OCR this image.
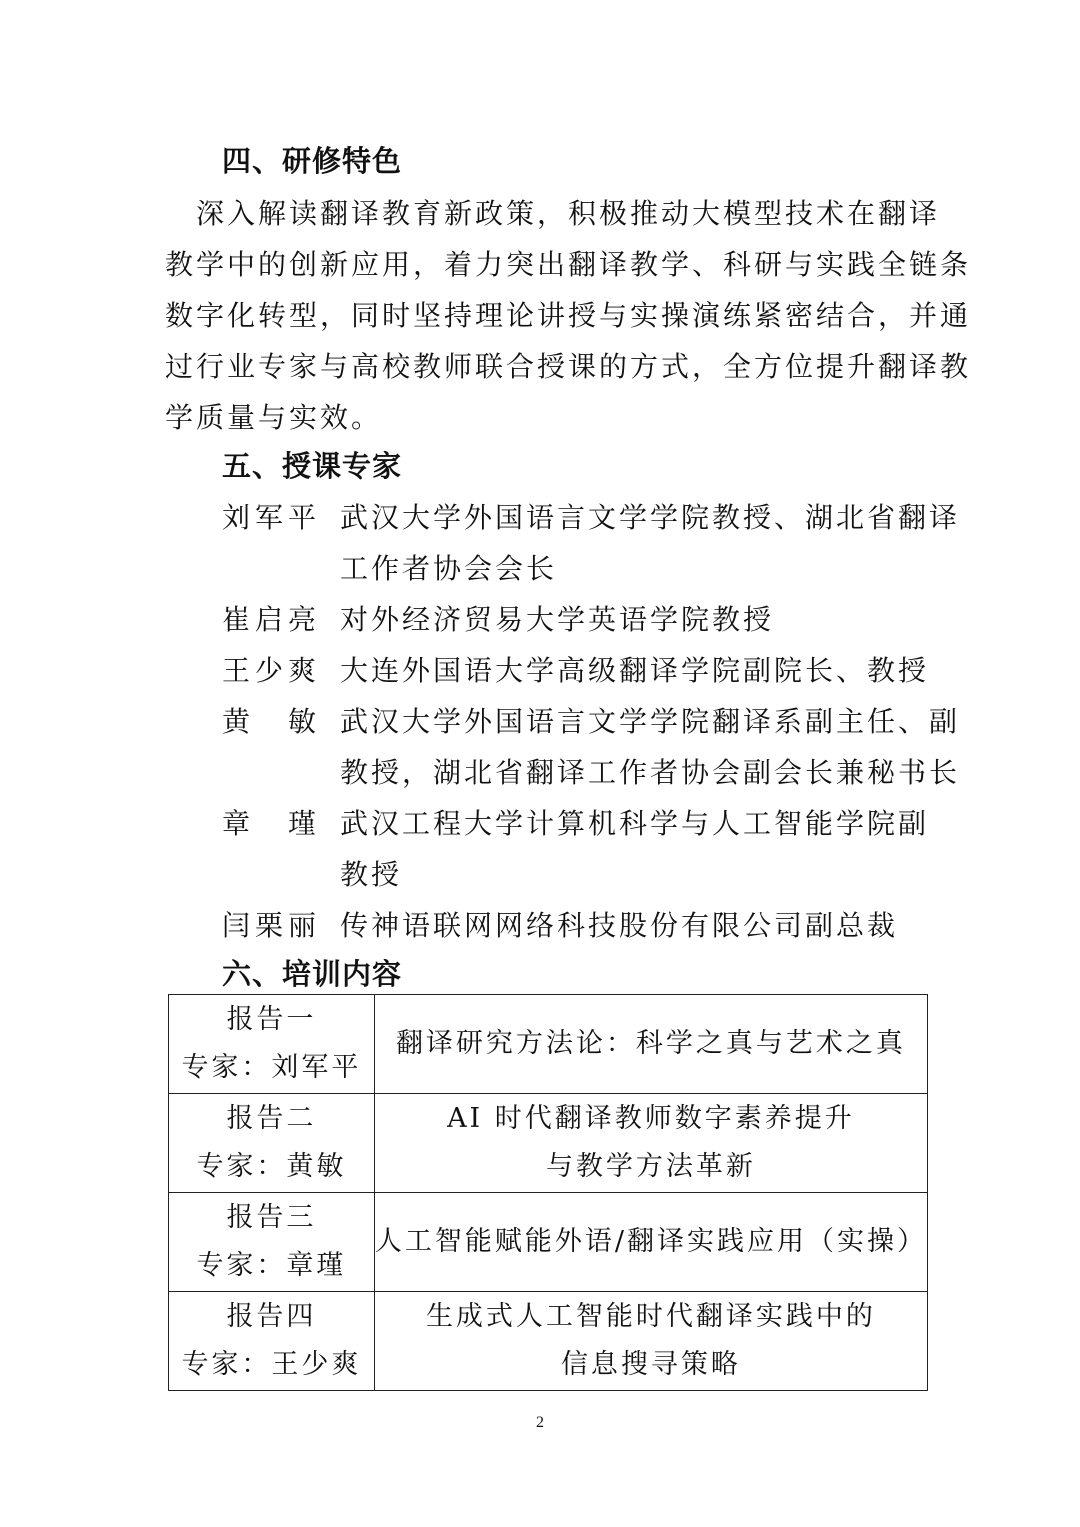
四、研修特色
　深入解读翻译教育新政策，积极推动大模型技术在翻译
教学中的创新应用，着力突出翻译教学、科研与实践全链条
数字化转型，同时坚持理论讲授与实操演练紧密结合，并通
过行业专家与高校教师联合授课的方式，全方位提升翻译教
学质量与实效。
五、授课专家
刘军平 武汉大学外国语言文学学院教授、湖北省翻译
工作者协会会长
崔启亮 对外经济贸易大学英语学院教授
王少爽 大连外国语大学高级翻译学院副院长、教授
黄　敏 武汉大学外国语言文学学院翻译系副主任、副
教授，湖北省翻译工作者协会副会长兼秘书长
章　瑾 武汉工程大学计算机科学与人工智能学院副
教授
闫栗丽 传神语联网网络科技股份有限公司副总裁
六、培训内容
报告一
专家：刘军平	翻译研究方法论：科学之真与艺术之真

报告二
专家：黄敏	AI 时代翻译教师数字素养提升
与教学方法革新

报告三
专家：章瑾	人工智能赋能外语/翻译实践应用（实操）

报告四
专家：王少爽	生成式人工智能时代翻译实践中的
信息搜寻策略
2
